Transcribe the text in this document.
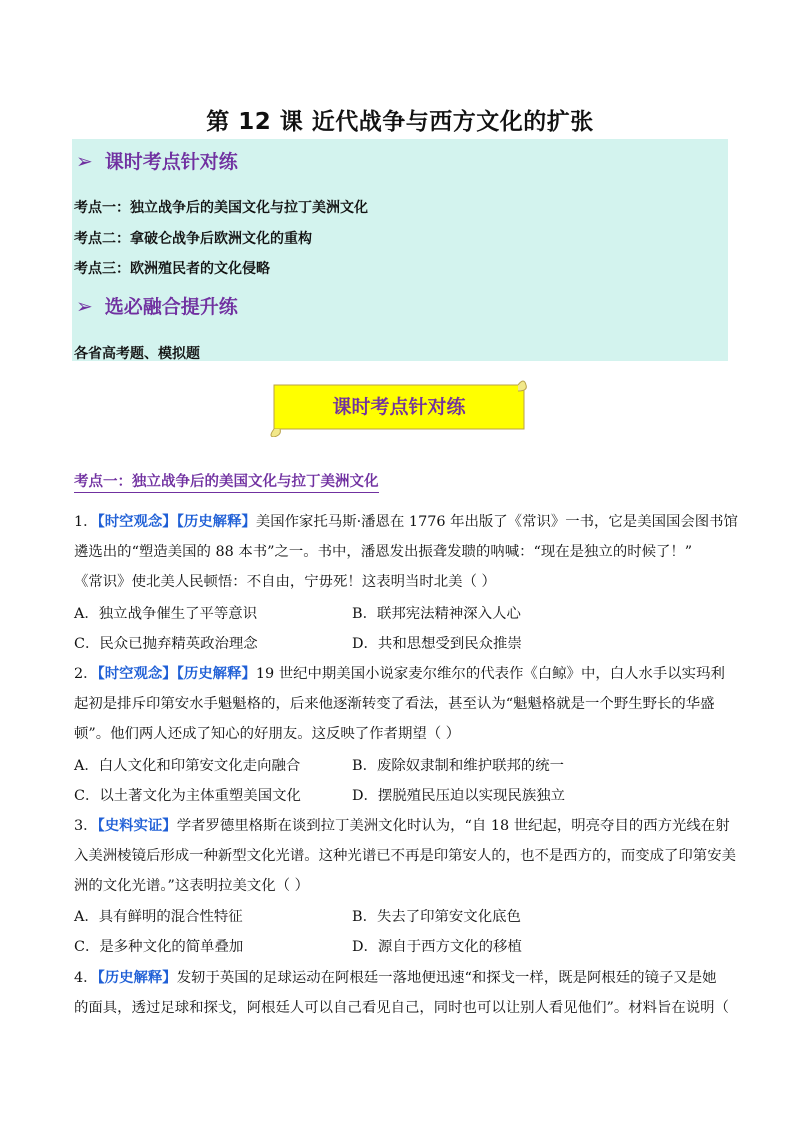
第 12 课 近代战争与西方文化的扩张
➢ 课时考点针对练
考点一：独立战争后的美国文化与拉丁美洲文化
考点二：拿破仑战争后欧洲文化的重构
考点三：欧洲殖民者的文化侵略
➢ 选必融合提升练
各省高考题、模拟题
课时考点针对练
考点一：独立战争后的美国文化与拉丁美洲文化
1．【时空观念】【历史解释】美国作家托马斯·潘恩在 1776 年出版了《常识》一书，它是美国国会图书馆
遴选出的“塑造美国的 88 本书”之一。书中，潘恩发出振聋发聩的呐喊：“现在是独立的时候了！”
《常识》使北美人民顿悟：不自由，宁毋死！这表明当时北美（ ）
A．独立战争催生了平等意识	B．联邦宪法精神深入人心
C．民众已抛弃精英政治理念	D．共和思想受到民众推崇
2．【时空观念】【历史解释】19 世纪中期美国小说家麦尔维尔的代表作《白鲸》中，白人水手以实玛利
起初是排斥印第安水手魁魁格的，后来他逐渐转变了看法，甚至认为“魁魁格就是一个野生野长的华盛
顿”。他们两人还成了知心的好朋友。这反映了作者期望（ ）
A．白人文化和印第安文化走向融合	B．废除奴隶制和维护联邦的统一
C．以土著文化为主体重塑美国文化	D．摆脱殖民压迫以实现民族独立
3．【史料实证】学者罗德里格斯在谈到拉丁美洲文化时认为，“自 18 世纪起，明亮夺目的西方光线在射
入美洲棱镜后形成一种新型文化光谱。这种光谱已不再是印第安人的，也不是西方的，而变成了印第安美
洲的文化光谱。”这表明拉美文化（ ）
A．具有鲜明的混合性特征	B．失去了印第安文化底色
C．是多种文化的简单叠加	D．源自于西方文化的移植
4．【历史解释】发轫于英国的足球运动在阿根廷一落地便迅速“和探戈一样，既是阿根廷的镜子又是她
的面具，透过足球和探戈，阿根廷人可以自己看见自己，同时也可以让别人看见他们”。材料旨在说明（
